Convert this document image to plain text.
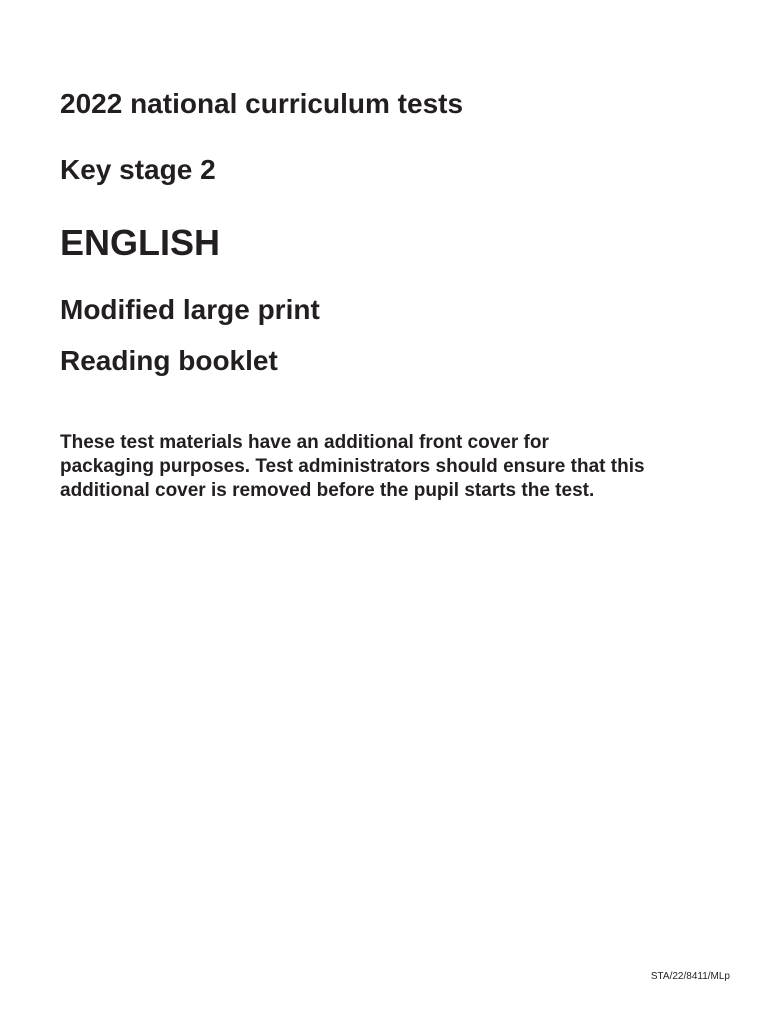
2022 national curriculum tests
Key stage 2
ENGLISH
Modified large print
Reading booklet

These test materials have an additional front cover for
packaging purposes. Test administrators should ensure that this
additional cover is removed before the pupil starts the test.

STA/22/8411/MLp
